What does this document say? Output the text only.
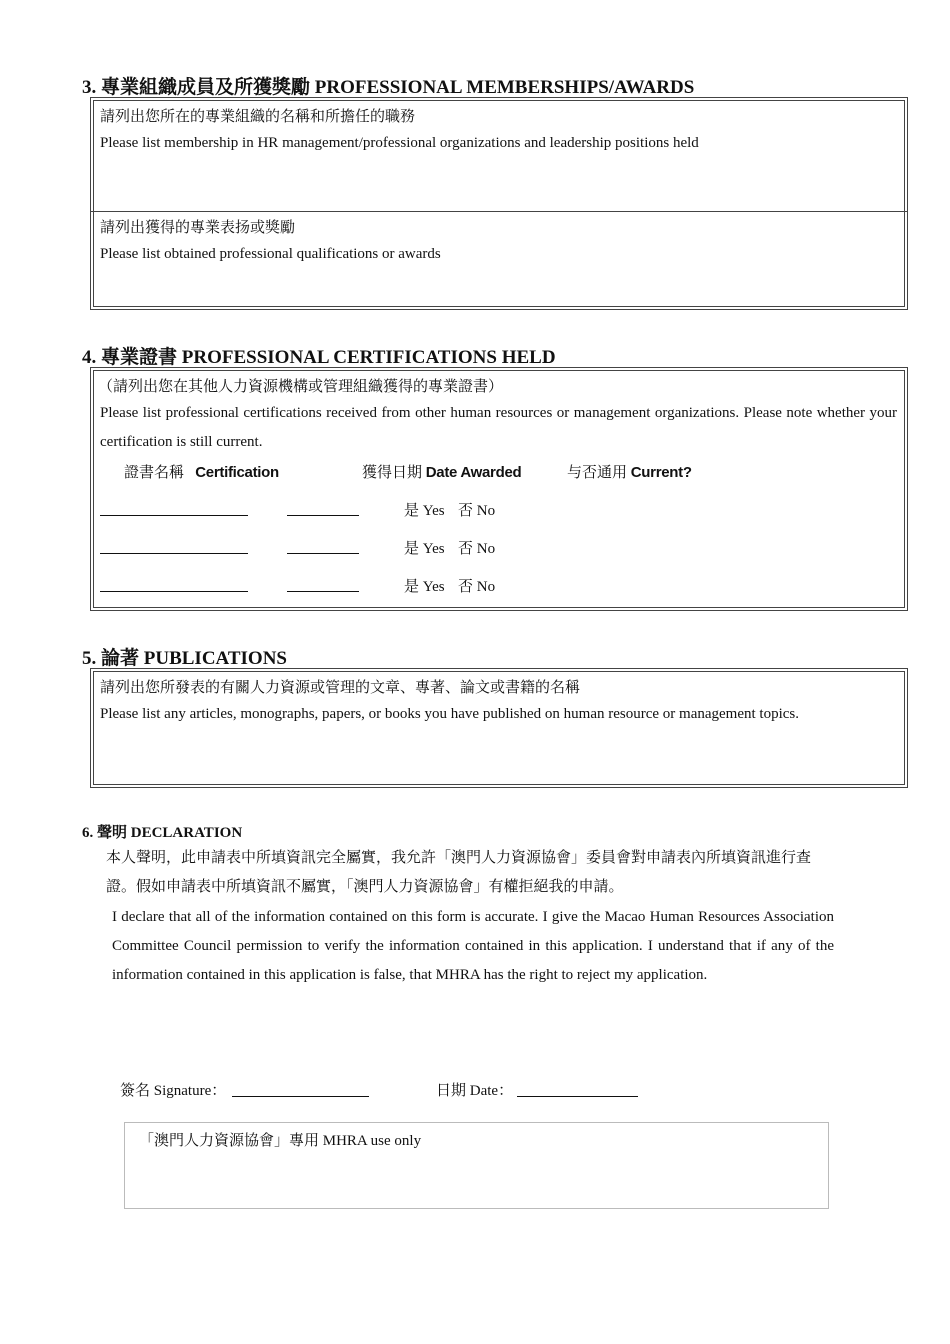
3. 專業組織成員及所獲獎勵 PROFESSIONAL MEMBERSHIPS/AWARDS
請列出您所在的專業組織的名稱和所擔任的職務
Please list membership in HR management/professional organizations and leadership positions held
請列出獲得的專業表扬或獎勵
Please list obtained professional qualifications or awards
4. 專業證書 PROFESSIONAL CERTIFICATIONS HELD
（請列出您在其他人力資源機構或管理組織獲得的專業證書）
Please list professional certifications received from other human resources or management organizations. Please note whether your certification is still current.
證書名稱 Certification	獲得日期 Date Awarded	与否通用 Current?
是 Yes 否 No
是 Yes 否 No
是 Yes 否 No
5. 論著 PUBLICATIONS
請列出您所發表的有關人力資源或管理的文章、專著、論文或書籍的名稱
Please list any articles, monographs, papers, or books you have published on human resource or management topics.
6. 聲明 DECLARATION
本人聲明，此申請表中所填資訊完全屬實，我允許「澳門人力資源協會」委員會對申請表內所填資訊進行查證。假如申請表中所填資訊不屬實，「澳門人力資源協會」有權拒絕我的申請。
I declare that all of the information contained on this form is accurate. I give the Macao Human Resources Association Committee Council permission to verify the information contained in this application. I understand that if any of the information contained in this application is false, that MHRA has the right to reject my application.
簽名 Signature：	日期 Date：
「澳門人力資源協會」專用 MHRA use only
